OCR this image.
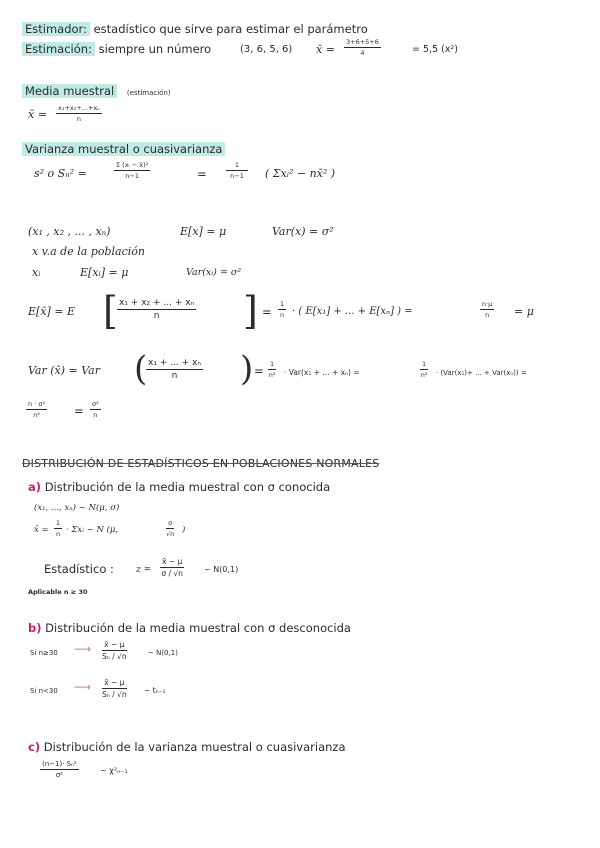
Estimador: estadístico que sirve para estimar el parámetro
Estimación: siempre un número	(3, 6, 5, 6) x̄ = $\frac{3+6+5+6}{4}$	= 5,5 (x²)
Media muestral (estimación)
x̄ = $\frac{\text{x₁+x₂+...+xₙ}}{n}$
Varianza muestral o cuasivarianza
s² o Sₙ² =	$\frac{\text{Σ (xᵢ − x̄)²}}{n-1}$	=	$\frac{1}{n-1}$ ( Σxᵢ² − nx̄² )
(x₁ , x₂ , ... , xₙ)	E[x] = μ	Var(x) = σ²
x v.a de la población
xᵢ	E[xᵢ] = μ	Var(xᵢ) = σ²
E[x̄] = E [ $\frac{\text{x₁ + x₂ + ... + xₙ}}{n}$ ] = $\frac{1}{n}$ · ( E[x₁] + ... + E[xₙ] ) =	$\frac{n\cdot\mu}{n} = \mu$
Var (x̄) = Var (
$\frac{\text{x₁ + ... + xₙ}}{n}$ ) = $\frac{1}{\text{n²}} \cdot Var(x_1$ + ... + xₙ) =	$\frac{1}{\text{n²}} \cdot (Var(x_1)+$ ... + Var(xₙ)) =
$\frac{\text{n · σ²}}{\text{n²}} = \frac{\text{σ²}}{n}$
DISTRIBUCIÓN DE ESTADÍSTICOS EN POBLACIONES NORMALES
a) Distribución de la media muestral con σ conocida
(x₁, ..., xₙ) ~ N(μ, σ)
x̄ = $\frac{1}{n}$ · Σxᵢ ~ N (μ,	$\frac{\sigma}{√n}$ )
Estadístico : $z = \frac{x̄ - \mu}{\sigma / √n}$ ~ N(0,1)
Aplicable n ≥ 30
b) Distribución de la media muestral con σ desconocida
Si n≥30 ⟶ $\frac{x̄ - \mu}{\text{Sₙ / √n}}$	~ N(0,1)
Si n<30 ⟶ $\frac{x̄ - \mu}{\text{Sₙ / √n}}$ ~ tₙ₋₁
c) Distribución de la varianza muestral o cuasivarianza
$\frac{\text{(n−1)· Sₙ²}}{\text{σ²}}$	~ χ²ₙ₋₁
